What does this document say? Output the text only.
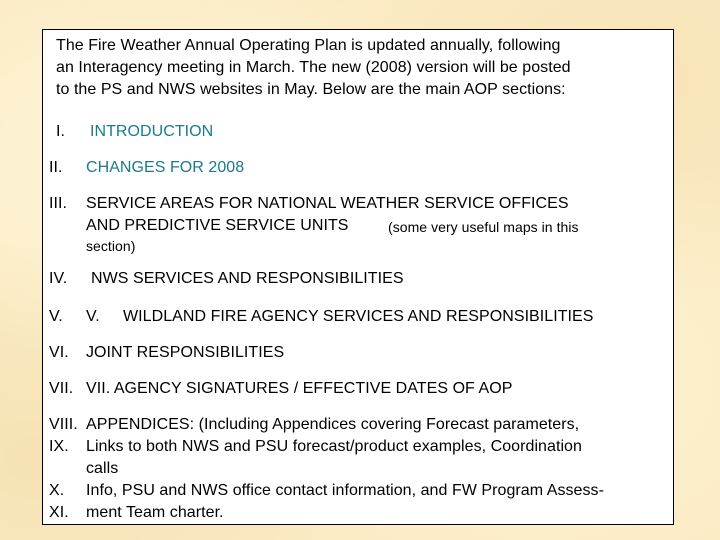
The Fire Weather Annual Operating Plan is updated annually, following
an Interagency meeting in March. The new (2008) version will be posted
to the PS and NWS websites in May. Below are the main AOP sections:
I. INTRODUCTION
II. CHANGES FOR 2008
III. SERVICE AREAS FOR NATIONAL WEATHER SERVICE OFFICES
AND PREDICTIVE SERVICE UNITS	(some very useful maps in this
section)
IV. NWS SERVICES AND RESPONSIBILITIES
V. V. WILDLAND FIRE AGENCY SERVICES AND RESPONSIBILITIES
VI. JOINT RESPONSIBILITIES
VII. VII. AGENCY SIGNATURES / EFFECTIVE DATES OF AOP
VIII. APPENDICES: (Including Appendices covering Forecast parameters,
IX. Links to both NWS and PSU forecast/product examples, Coordination
calls
X. Info, PSU and NWS office contact information, and FW Program Assess-
XI. ment Team charter.
